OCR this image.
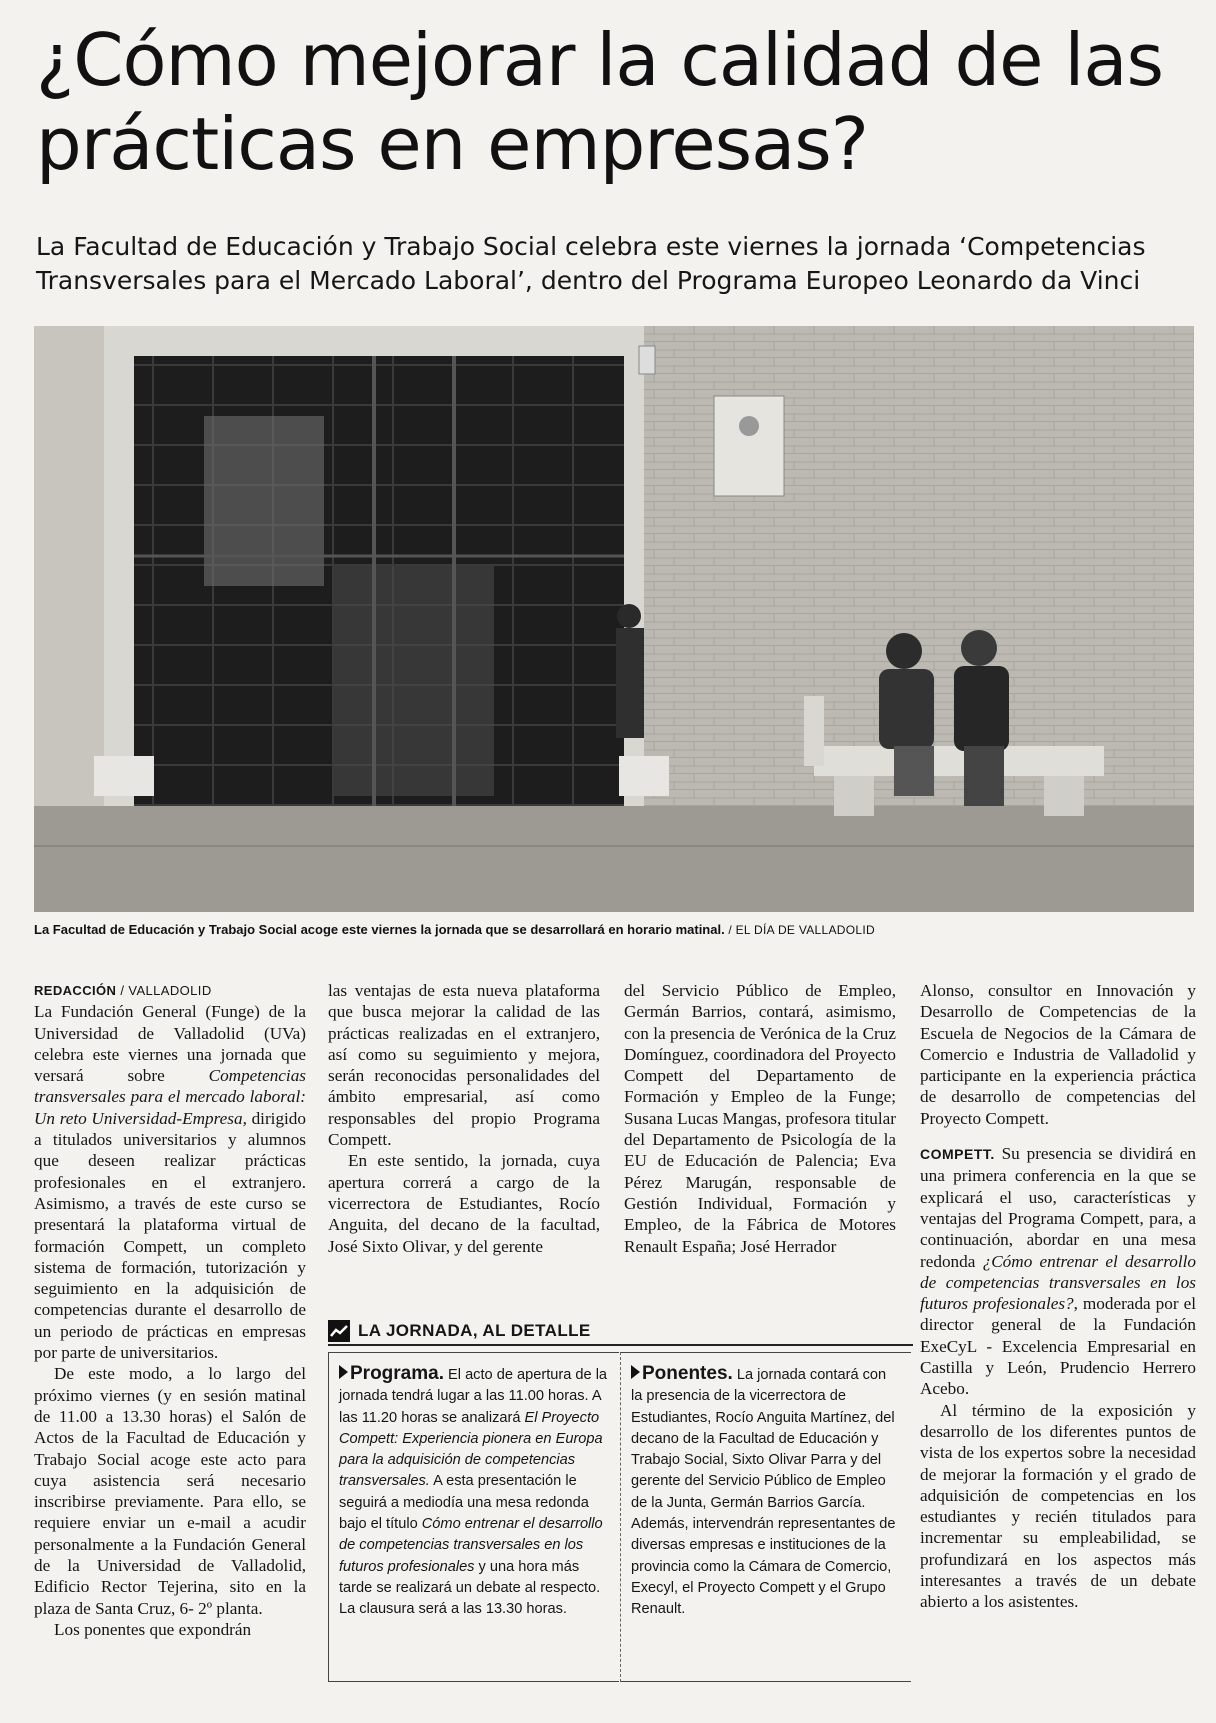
¿Cómo mejorar la calidad de las prácticas en empresas?

La Facultad de Educación y Trabajo Social celebra este viernes la jornada ‘Competencias Transversales para el Mercado Laboral’, dentro del Programa Europeo Leonardo da Vinci

La Facultad de Educación y Trabajo Social acoge este viernes la jornada que se desarrollará en horario matinal. / EL DÍA DE VALLADOLID
REDACCIÓN / VALLADOLID

La Fundación General (Funge) de la Universidad de Valladolid (UVa) celebra este viernes una jornada que versará sobre Competencias transversales para el mercado laboral: Un reto Universidad-Empresa, dirigido a titulados universitarios y alumnos que deseen realizar prácticas profesionales en el extranjero. Asimismo, a través de este curso se presentará la plataforma virtual de formación Compett, un completo sistema de formación, tutorización y seguimiento en la adquisición de competencias durante el desarrollo de un periodo de prácticas en empresas por parte de universitarios.

De este modo, a lo largo del próximo viernes (y en sesión matinal de 11.00 a 13.30 horas) el Salón de Actos de la Facultad de Educación y Trabajo Social acoge este acto para cuya asistencia será necesario inscribirse previamente. Para ello, se requiere enviar un e-mail a acudir personalmente a la Fundación General de la Universidad de Valladolid, Edificio Rector Tejerina, sito en la plaza de Santa Cruz, 6- 2º planta.

Los ponentes que expondrán

las ventajas de esta nueva plataforma que busca mejorar la calidad de las prácticas realizadas en el extranjero, así como su seguimiento y mejora, serán reconocidas personalidades del ámbito empresarial, así como responsables del propio Programa Compett.

En este sentido, la jornada, cuya apertura correrá a cargo de la vicerrectora de Estudiantes, Rocío Anguita, del decano de la facultad, José Sixto Olivar, y del gerente

del Servicio Público de Empleo, Germán Barrios, contará, asimismo, con la presencia de Verónica de la Cruz Domínguez, coordinadora del Proyecto Compett del Departamento de Formación y Empleo de la Funge; Susana Lucas Mangas, profesora titular del Departamento de Psicología de la EU de Educación de Palencia; Eva Pérez Marugán, responsable de Gestión Individual, Formación y Empleo, de la Fábrica de Motores Renault España; José Herrador

Alonso, consultor en Innovación y Desarrollo de Competencias de la Escuela de Negocios de la Cámara de Comercio e Industria de Valladolid y participante en la experiencia práctica de desarrollo de competencias del Proyecto Compett.

COMPETT. Su presencia se dividirá en una primera conferencia en la que se explicará el uso, características y ventajas del Programa Compett, para, a continuación, abordar en una mesa redonda ¿Cómo entrenar el desarrollo de competencias transversales en los futuros profesionales?, moderada por el director general de la Fundación ExeCyL - Excelencia Empresarial en Castilla y León, Prudencio Herrero Acebo.

Al término de la exposición y desarrollo de los diferentes puntos de vista de los expertos sobre la necesidad de mejorar la formación y el grado de adquisición de competencias en los estudiantes y recién titulados para incrementar su empleabilidad, se profundizará en los aspectos más interesantes a través de un debate abierto a los asistentes.

LA JORNADA, AL DETALLE
Programa. El acto de apertura de la jornada tendrá lugar a las 11.00 horas. A las 11.20 horas se analizará El Proyecto Compett: Experiencia pionera en Europa para la adquisición de competencias transversales. A esta presentación le seguirá a mediodía una mesa redonda bajo el título Cómo entrenar el desarrollo de competencias transversales en los futuros profesionales y una hora más tarde se realizará un debate al respecto. La clausura será a las 13.30 horas.
Ponentes. La jornada contará con la presencia de la vicerrectora de Estudiantes, Rocío Anguita Martínez, del decano de la Facultad de Educación y Trabajo Social, Sixto Olivar Parra y del gerente del Servicio Público de Empleo de la Junta, Germán Barrios García. Además, intervendrán representantes de diversas empresas e instituciones de la provincia como la Cámara de Comercio, Execyl, el Proyecto Compett y el Grupo Renault.
